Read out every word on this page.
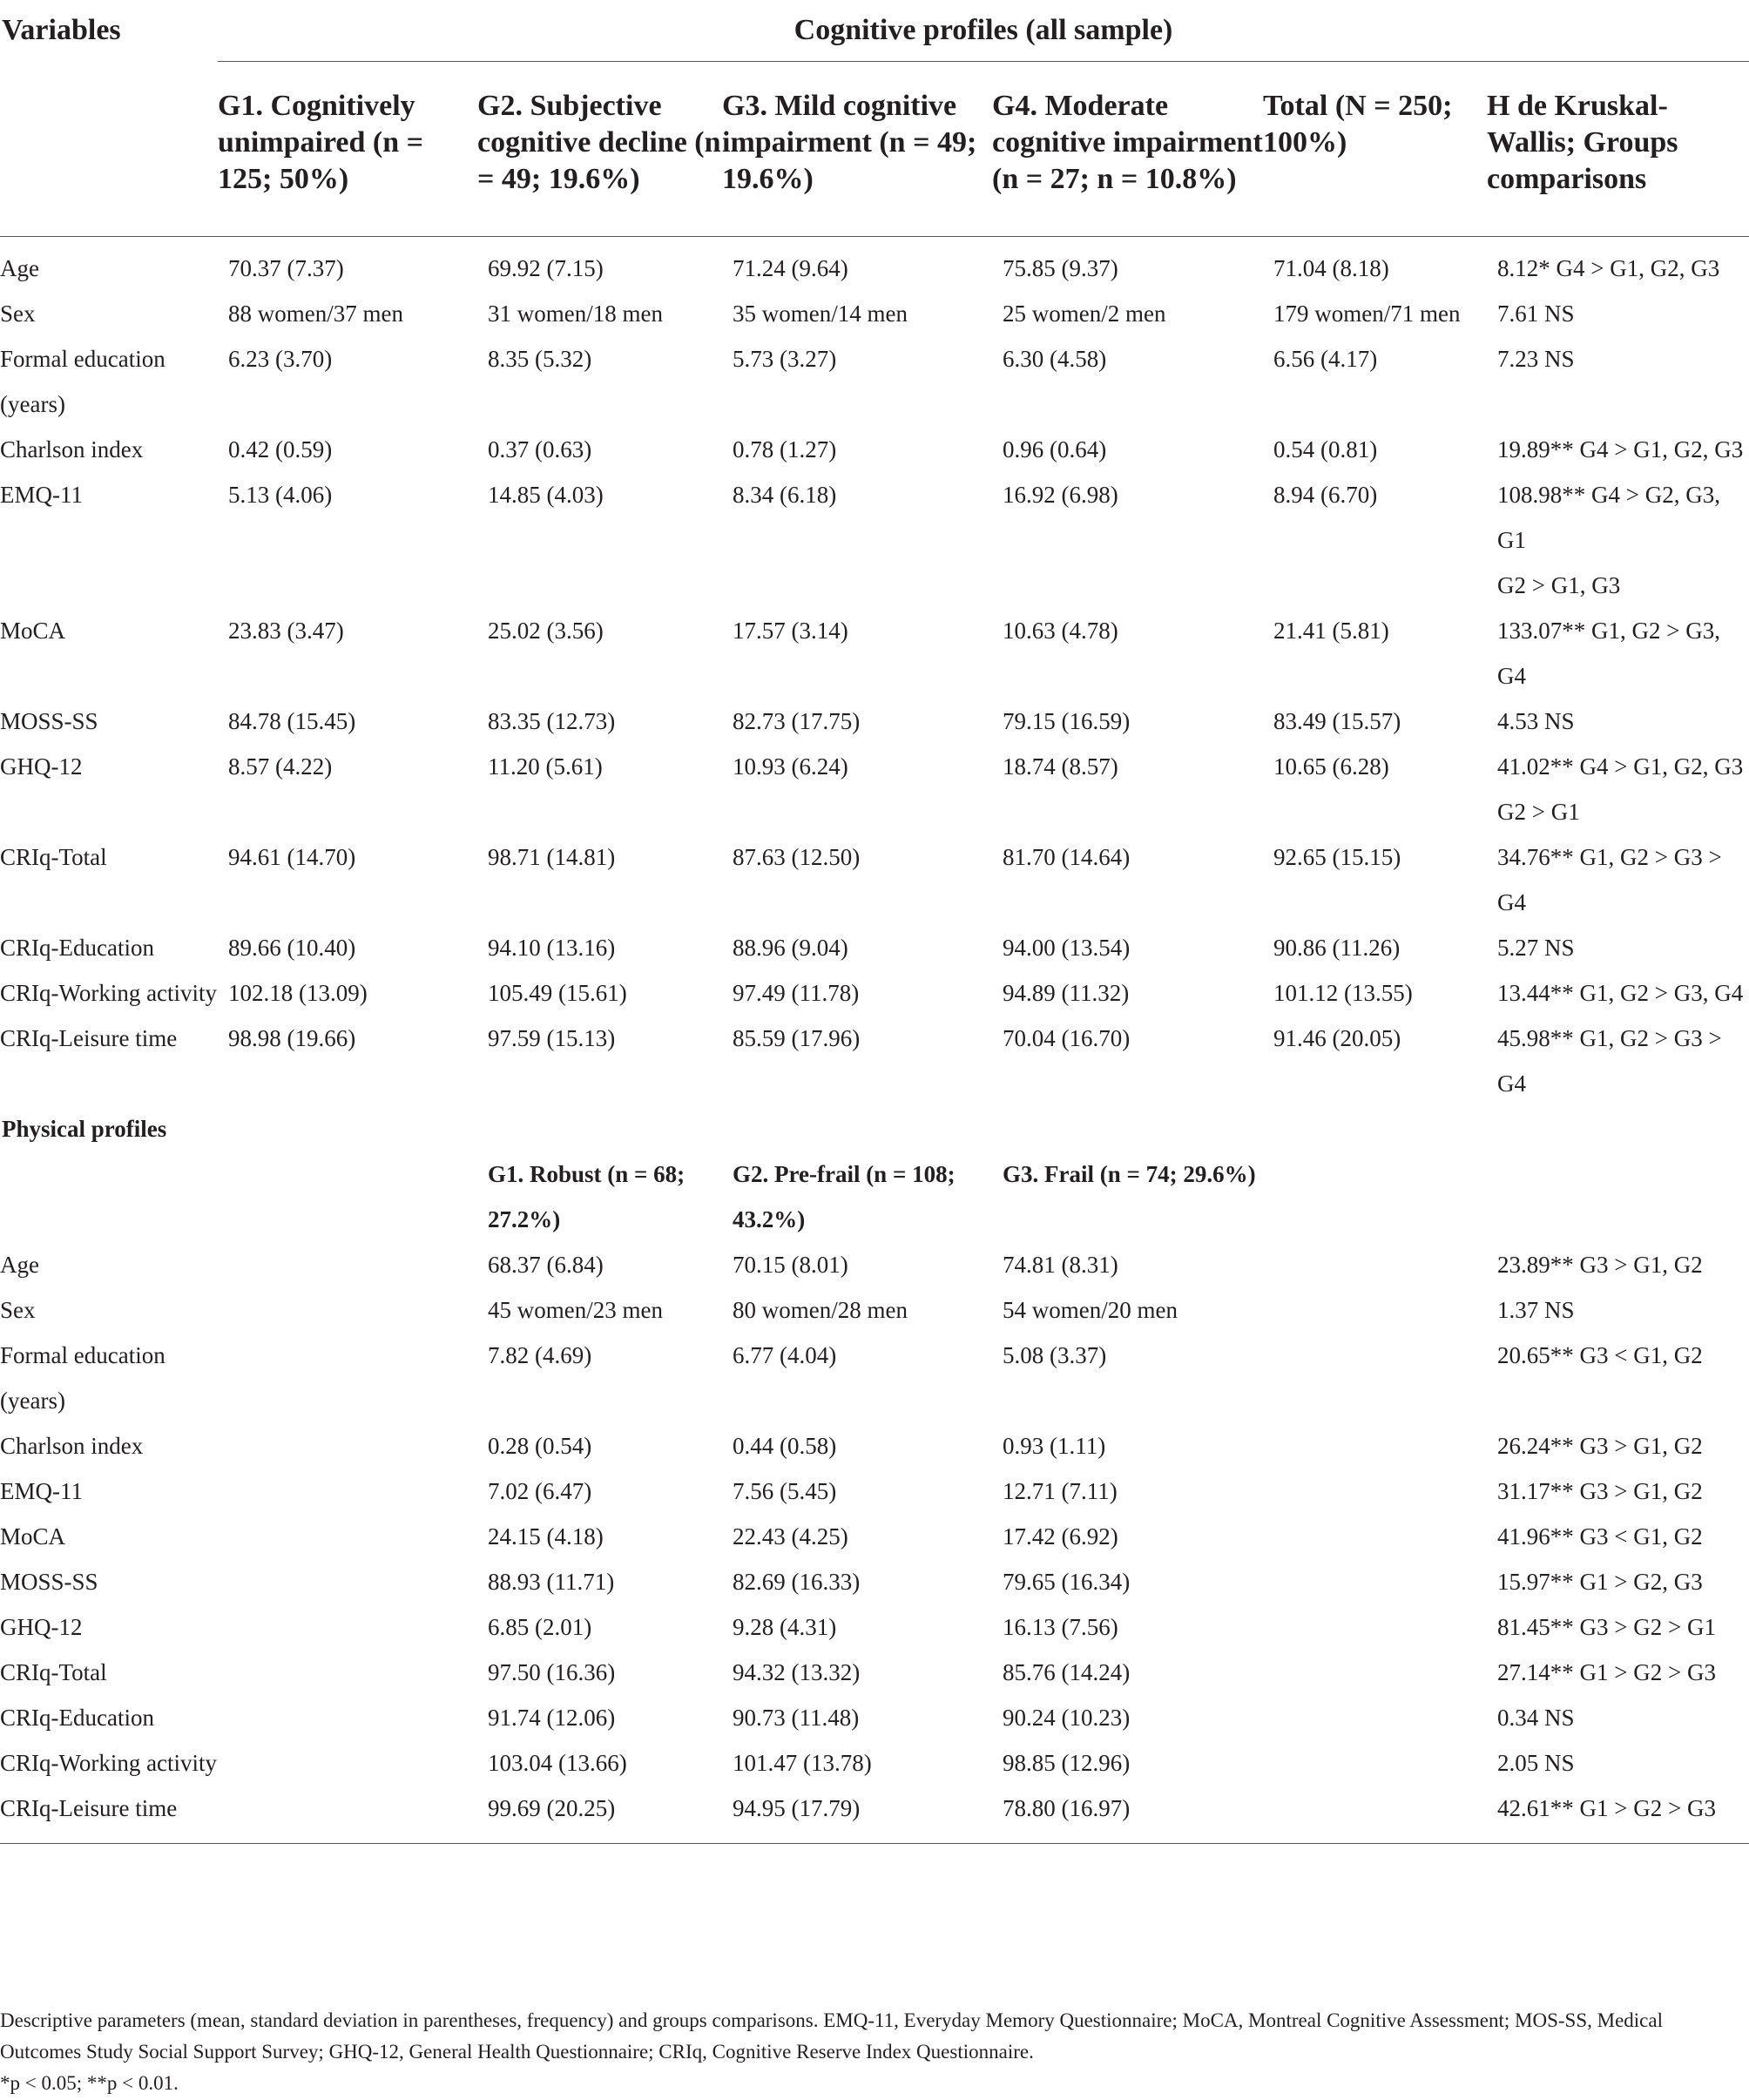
Variables	Cognitive profiles (all sample)					
	G1. Cognitively unimpaired (n = 125; 50%)	G2. Subjective cognitive decline (n = 49; 19.6%)	G3. Mild cognitive impairment (n = 49; 19.6%)	G4. Moderate cognitive impairment (n = 27; n = 10.8%)	Total (N = 250; 100%)	H de Kruskal-Wallis; Groups comparisons
Age	70.37 (7.37)	69.92 (7.15)	71.24 (9.64)	75.85 (9.37)	71.04 (8.18)	8.12* G4 > G1, G2, G3
Sex	88 women/37 men	31 women/18 men	35 women/14 men	25 women/2 men	179 women/71 men	7.61 NS
Formal education (years)	6.23 (3.70)	8.35 (5.32)	5.73 (3.27)	6.30 (4.58)	6.56 (4.17)	7.23 NS
Charlson index	0.42 (0.59)	0.37 (0.63)	0.78 (1.27)	0.96 (0.64)	0.54 (0.81)	19.89** G4 > G1, G2, G3
EMQ-11	5.13 (4.06)	14.85 (4.03)	8.34 (6.18)	16.92 (6.98)	8.94 (6.70)	108.98** G4 > G2, G3, G1
G2 > G1, G3

MoCA	23.83 (3.47)	25.02 (3.56)	17.57 (3.14)	10.63 (4.78)	21.41 (5.81)	133.07** G1, G2 > G3, G4
MOSS-SS	84.78 (15.45)	83.35 (12.73)	82.73 (17.75)	79.15 (16.59)	83.49 (15.57)	4.53 NS
GHQ-12	8.57 (4.22)	11.20 (5.61)	10.93 (6.24)	18.74 (8.57)	10.65 (6.28)	41.02** G4 > G1, G2, G3
G2 > G1

CRIq-Total	94.61 (14.70)	98.71 (14.81)	87.63 (12.50)	81.70 (14.64)	92.65 (15.15)	34.76** G1, G2 > G3 > G4
CRIq-Education	89.66 (10.40)	94.10 (13.16)	88.96 (9.04)	94.00 (13.54)	90.86 (11.26)	5.27 NS
CRIq-Working activity	102.18 (13.09)	105.49 (15.61)	97.49 (11.78)	94.89 (11.32)	101.12 (13.55)	13.44** G1, G2 > G3, G4
CRIq-Leisure time	98.98 (19.66)	97.59 (15.13)	85.59 (17.96)	70.04 (16.70)	91.46 (20.05)	45.98** G1, G2 > G3 > G4
Physical profiles						
		G1. Robust (n = 68; 27.2%)	G2. Pre-frail (n = 108; 43.2%)	G3. Frail (n = 74; 29.6%)		
Age		68.37 (6.84)	70.15 (8.01)	74.81 (8.31)		23.89** G3 > G1, G2
Sex		45 women/23 men	80 women/28 men	54 women/20 men		1.37 NS
Formal education (years)		7.82 (4.69)	6.77 (4.04)	5.08 (3.37)		20.65** G3 < G1, G2
Charlson index		0.28 (0.54)	0.44 (0.58)	0.93 (1.11)		26.24** G3 > G1, G2
EMQ-11		7.02 (6.47)	7.56 (5.45)	12.71 (7.11)		31.17** G3 > G1, G2
MoCA		24.15 (4.18)	22.43 (4.25)	17.42 (6.92)		41.96** G3 < G1, G2
MOSS-SS		88.93 (11.71)	82.69 (16.33)	79.65 (16.34)		15.97** G1 > G2, G3
GHQ-12		6.85 (2.01)	9.28 (4.31)	16.13 (7.56)		81.45** G3 > G2 > G1
CRIq-Total		97.50 (16.36)	94.32 (13.32)	85.76 (14.24)		27.14** G1 > G2 > G3
CRIq-Education		91.74 (12.06)	90.73 (11.48)	90.24 (10.23)		0.34 NS
CRIq-Working activity		103.04 (13.66)	101.47 (13.78)	98.85 (12.96)		2.05 NS
CRIq-Leisure time		99.69 (20.25)	94.95 (17.79)	78.80 (16.97)		42.61** G1 > G2 > G3

Descriptive parameters (mean, standard deviation in parentheses, frequency) and groups comparisons. EMQ-11, Everyday Memory Questionnaire; MoCA, Montreal Cognitive Assessment; MOS-SS, Medical Outcomes Study Social Support Survey; GHQ-12, General Health Questionnaire; CRIq, Cognitive Reserve Index Questionnaire.

*p < 0.05; **p < 0.01.
